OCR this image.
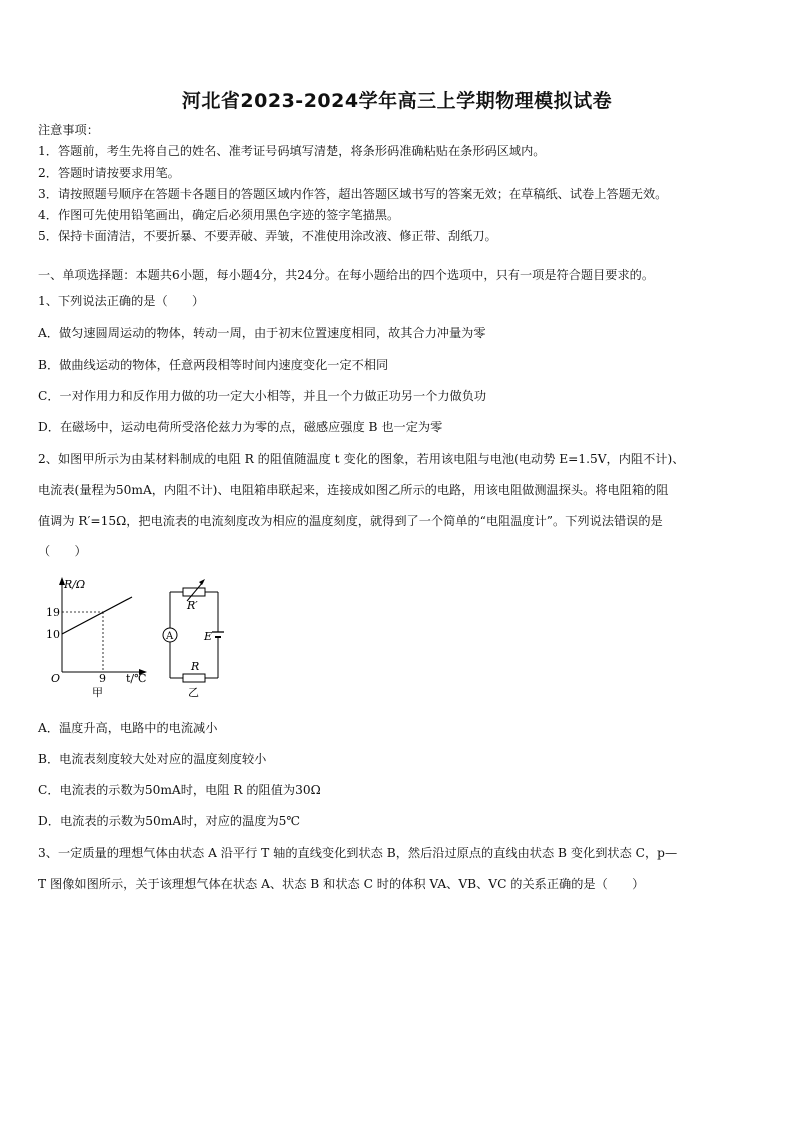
河北省2023-2024学年高三上学期物理模拟试卷
注意事项：
1．答题前，考生先将自己的姓名、准考证号码填写清楚，将条形码准确粘贴在条形码区域内。
2．答题时请按要求用笔。
3．请按照题号顺序在答题卡各题目的答题区域内作答，超出答题区域书写的答案无效；在草稿纸、试卷上答题无效。
4．作图可先使用铅笔画出，确定后必须用黑色字迹的签字笔描黑。
5．保持卡面清洁，不要折暴、不要弄破、弄皱，不准使用涂改液、修正带、刮纸刀。
一、单项选择题：本题共6小题，每小题4分，共24分。在每小题给出的四个选项中，只有一项是符合题目要求的。
1、下列说法正确的是（　　）
A．做匀速圆周运动的物体，转动一周，由于初末位置速度相同，故其合力冲量为零
B．做曲线运动的物体，任意两段相等时间内速度变化一定不相同
C．一对作用力和反作用力做的功一定大小相等，并且一个力做正功另一个力做负功
D．在磁场中，运动电荷所受洛伦兹力为零的点，磁感应强度 B 也一定为零
2、如图甲所示为由某材料制成的电阻 R 的阻值随温度 t 变化的图象，若用该电阻与电池(电动势 E=1.5V，内阻不计)、
电流表(量程为50mA，内阻不计)、电阻箱串联起来，连接成如图乙所示的电路，用该电阻做测温探头。将电阻箱的阻
值调为 R′=15Ω，把电流表的电流刻度改为相应的温度刻度，就得到了一个简单的“电阻温度计”。下列说法错误的是
（　　）
R/Ω
19
10
O	9 t/℃
甲
R′
A	E
R
乙
A．温度升高，电路中的电流减小
B．电流表刻度较大处对应的温度刻度较小
C．电流表的示数为50mA时，电阻 R 的阻值为30Ω
D．电流表的示数为50mA时，对应的温度为5℃
3、一定质量的理想气体由状态 A 沿平行 T 轴的直线变化到状态 B，然后沿过原点的直线由状态 B 变化到状态 C，p—
T 图像如图所示，关于该理想气体在状态 A、状态 B 和状态 C 时的体积 VA、VB、VC 的关系正确的是（　　）
